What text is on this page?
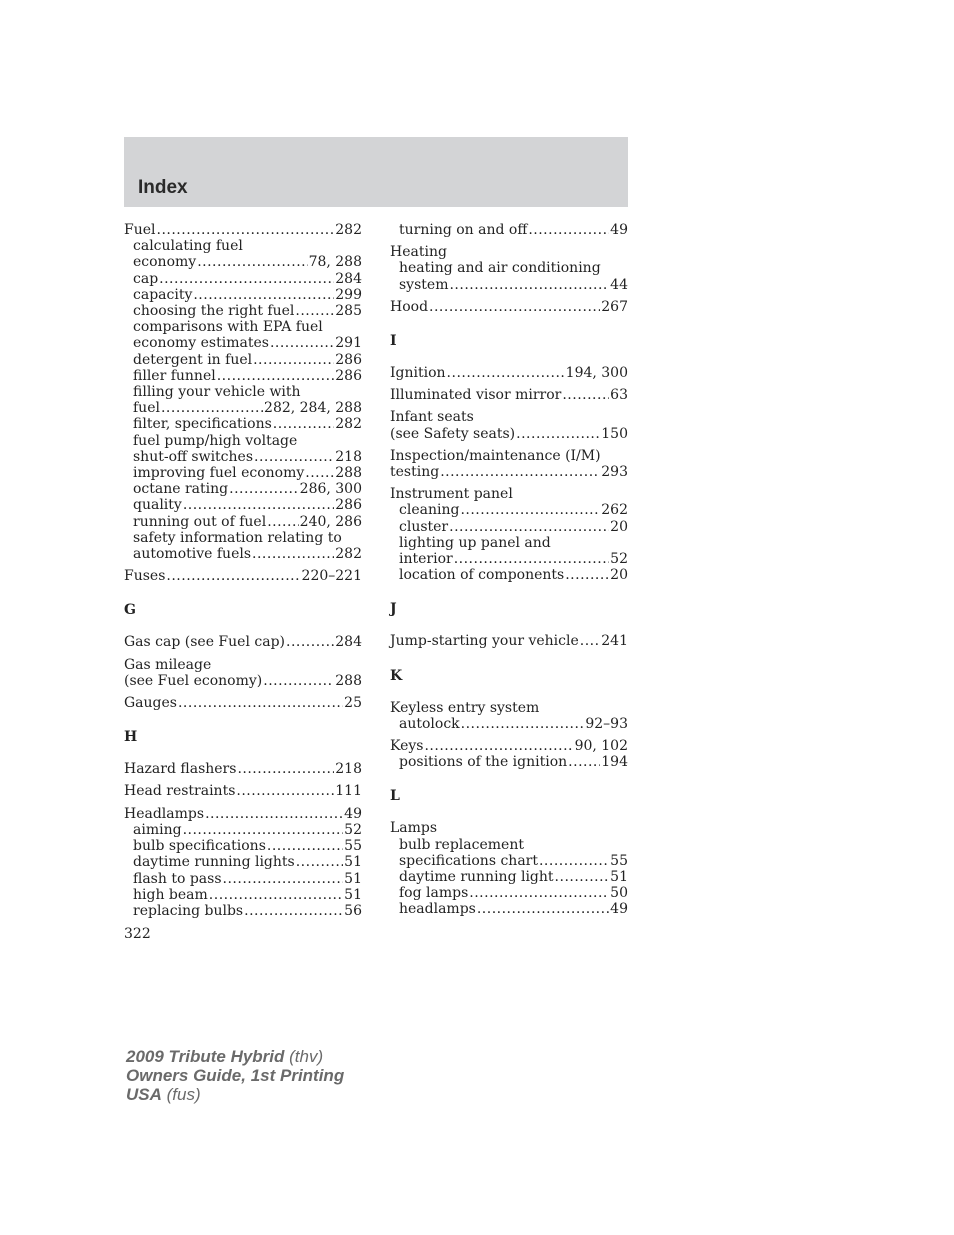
Index
Fuel .....	282
calculating fuel
economy .....	78, 288
cap .....	284
capacity .....	299
choosing the right fuel .....	285
comparisons with EPA fuel
economy estimates .....	291
detergent in fuel .....	286
filler funnel .....	286
filling your vehicle with
fuel .....	282, 284, 288
filter, specifications .....	282
fuel pump/high voltage
shut-off switches .....	218
improving fuel economy ..... 288
octane rating .....	286, 300
quality .....	286
running out of fuel ..... 240, 286
safety information relating to
automotive fuels .....	282
Fuses .....	220–221
G
Gas cap (see Fuel cap) .....	284
Gas mileage
(see Fuel economy) .....	288
Gauges .....	25
H
Hazard flashers .....	218
Head restraints .....	111
Headlamps .....	49
aiming .....	52
bulb specifications .....	55
daytime running lights .....	51
flash to pass .....	51
high beam .....	51
replacing bulbs .....	56
turning on and off .....	49
Heating
heating and air conditioning
system .....	44
Hood .....	267
I
Ignition .....	194, 300
Illuminated visor mirror .....	63
Infant seats
(see Safety seats) .....	150
Inspection/maintenance (I/M)
testing .....	293
Instrument panel
cleaning .....	262
cluster .....	20
lighting up panel and
interior .....	52
location of components .....	20
J
Jump-starting your vehicle ..... 241
K
Keyless entry system
autolock .....	92–93
Keys .....	90, 102
positions of the ignition ..... 194
L
Lamps
bulb replacement
specifications chart .....	55
daytime running light .....	51
fog lamps .....	50
headlamps .....	49
322
2009 Tribute Hybrid (thv)
Owners Guide, 1st Printing
USA (fus)
